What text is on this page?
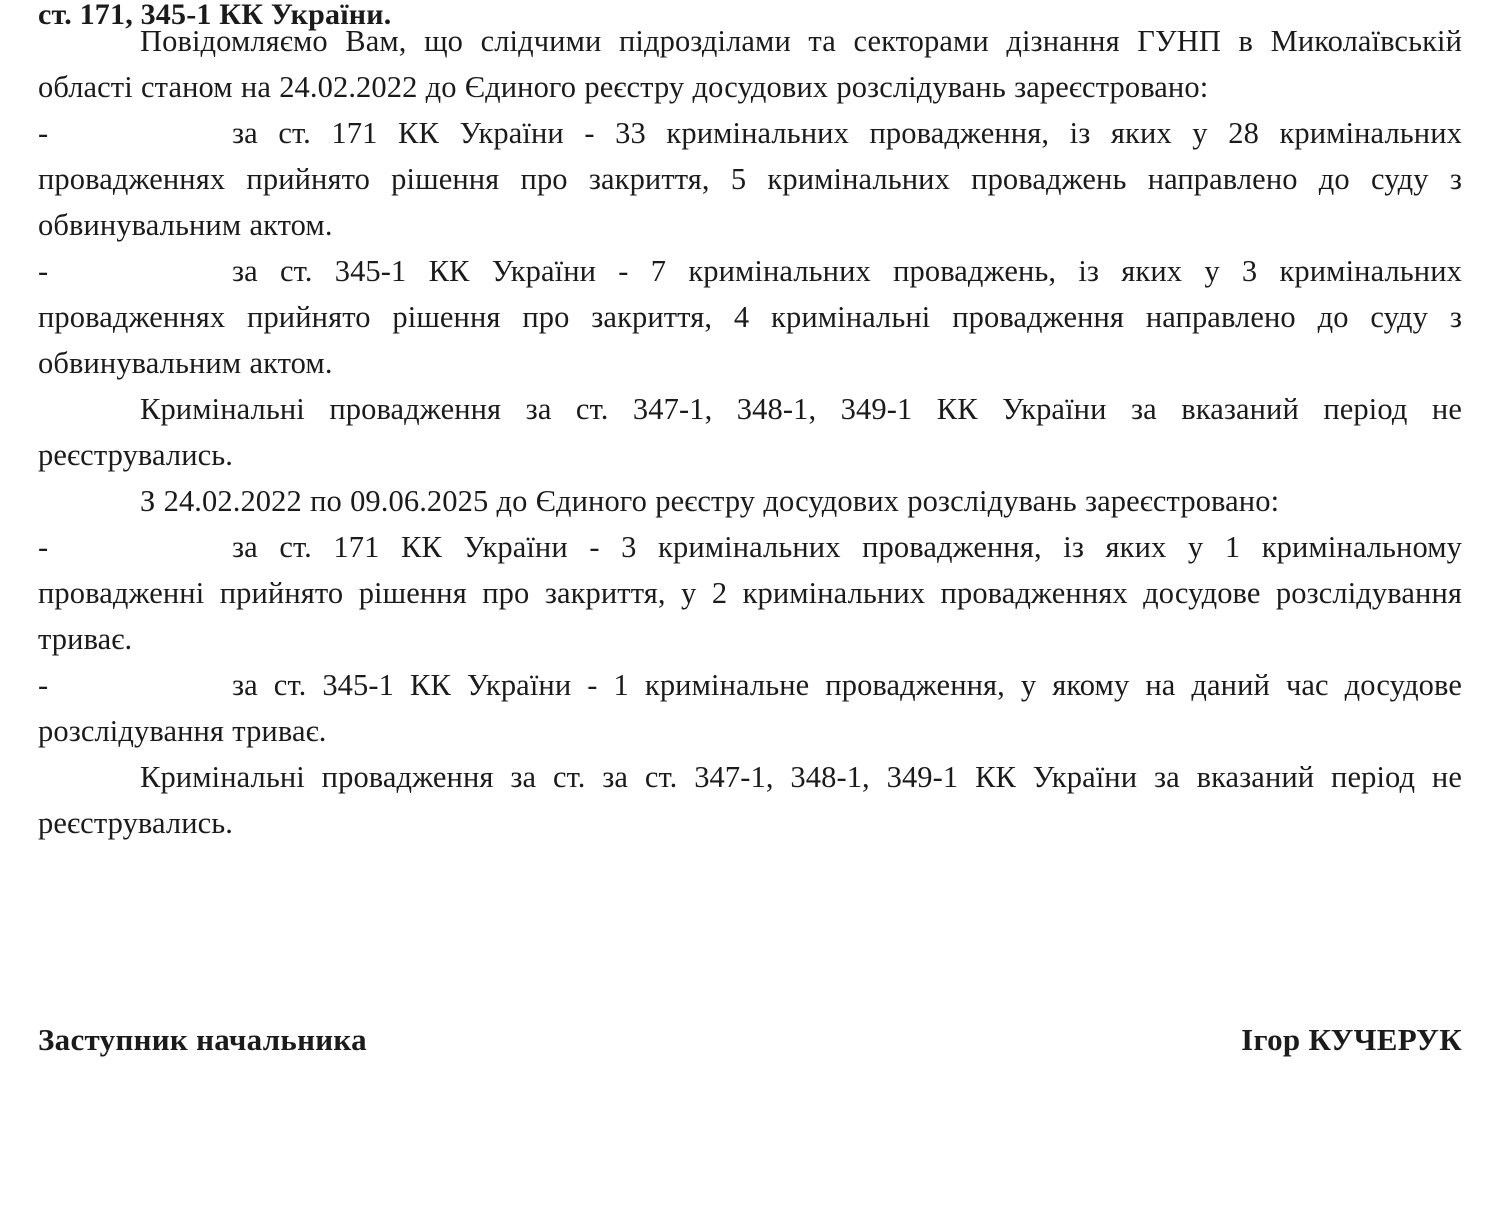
ст. 171, 345-1 КК України.

Повідомляємо Вам, що слідчими підрозділами та секторами дізнання ГУНП в Миколаївській області станом на 24.02.2022 до Єдиного реєстру досудових розслідувань зареєстровано:

-	за ст. 171 КК України - 33 кримінальних провадження, із яких у 28 кримінальних провадженнях прийнято рішення про закриття, 5 кримінальних проваджень направлено до суду з обвинувальним актом.

-	за ст. 345-1 КК України - 7 кримінальних проваджень, із яких у 3 кримінальних провадженнях прийнято рішення про закриття, 4 кримінальні провадження направлено до суду з обвинувальним актом.

Кримінальні провадження за ст. 347-1, 348-1, 349-1 КК України за вказаний період не реєструвались.

З 24.02.2022 по 09.06.2025 до Єдиного реєстру досудових розслідувань зареєстровано:

-	за ст. 171 КК України - 3 кримінальних провадження, із яких у 1 кримінальному провадженні прийнято рішення про закриття, у 2 кримінальних провадженнях досудове розслідування триває.

-	за ст. 345-1 КК України - 1 кримінальне провадження, у якому на даний час досудове розслідування триває.

Кримінальні провадження за ст. за ст. 347-1, 348-1, 349-1 КК України за вказаний період не реєструвались.

Заступник начальника	Ігор КУЧЕРУК
